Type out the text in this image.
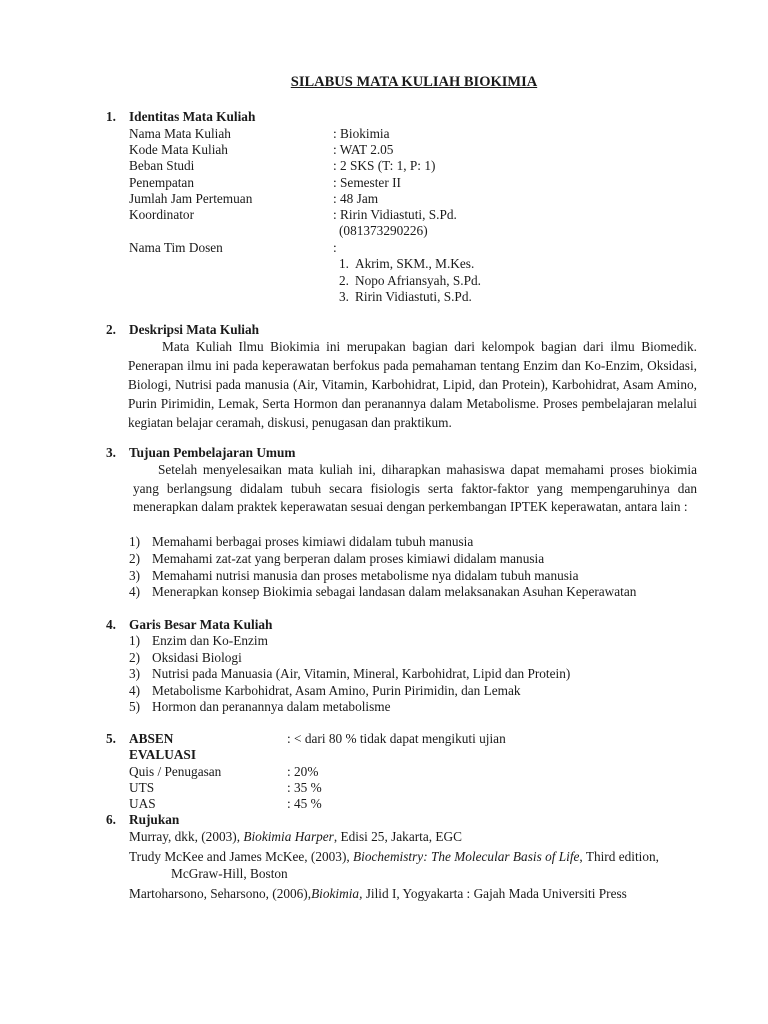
SILABUS MATA KULIAH BIOKIMIA
1. Identitas Mata Kuliah
Nama Mata Kuliah	: Biokimia
Kode Mata Kuliah	: WAT 2.05
Beban Studi	: 2 SKS (T: 1, P: 1)
Penempatan	: Semester II
Jumlah Jam Pertemuan	: 48 Jam
Koordinator	: Ririn Vidiastuti, S.Pd.
(081373290226)
Nama Tim Dosen	:
1. Akrim, SKM., M.Kes.
2. Nopo Afriansyah, S.Pd.
3. Ririn Vidiastuti, S.Pd.
2. Deskripsi Mata Kuliah
Mata Kuliah Ilmu Biokimia ini merupakan bagian dari kelompok bagian dari ilmu Biomedik. Penerapan ilmu ini pada keperawatan berfokus pada pemahaman tentang Enzim dan Ko-Enzim, Oksidasi, Biologi, Nutrisi pada manusia (Air, Vitamin, Karbohidrat, Lipid, dan Protein), Karbohidrat, Asam Amino, Purin Pirimidin, Lemak, Serta Hormon dan peranannya dalam Metabolisme. Proses pembelajaran melalui kegiatan belajar ceramah, diskusi, penugasan dan praktikum.
3. Tujuan Pembelajaran Umum
Setelah menyelesaikan mata kuliah ini, diharapkan mahasiswa dapat memahami proses biokimia yang berlangsung didalam tubuh secara fisiologis serta faktor-faktor yang mempengaruhinya dan menerapkan dalam praktek keperawatan sesuai dengan perkembangan IPTEK keperawatan, antara lain :
1) Memahami berbagai proses kimiawi didalam tubuh manusia
2) Memahami zat-zat yang berperan dalam proses kimiawi didalam manusia
3) Memahami nutrisi manusia dan proses metabolisme nya didalam tubuh manusia
4) Menerapkan konsep Biokimia sebagai landasan dalam melaksanakan Asuhan Keperawatan
4. Garis Besar Mata Kuliah
1) Enzim dan Ko-Enzim
2) Oksidasi Biologi
3) Nutrisi pada Manuasia (Air, Vitamin, Mineral, Karbohidrat, Lipid dan Protein)
4) Metabolisme Karbohidrat, Asam Amino, Purin Pirimidin, dan Lemak
5) Hormon dan peranannya dalam metabolisme
5. ABSEN	: < dari 80 % tidak dapat mengikuti ujian
EVALUASI
Quis / Penugasan	: 20%
UTS	: 35 %
UAS	: 45 %
6. Rujukan
Murray, dkk, (2003), Biokimia Harper, Edisi 25, Jakarta, EGC
Trudy McKee and James McKee, (2003), Biochemistry: The Molecular Basis of Life, Third edition,
McGraw-Hill, Boston
Martoharsono, Seharsono, (2006),Biokimia, Jilid I, Yogyakarta : Gajah Mada Universiti Press
